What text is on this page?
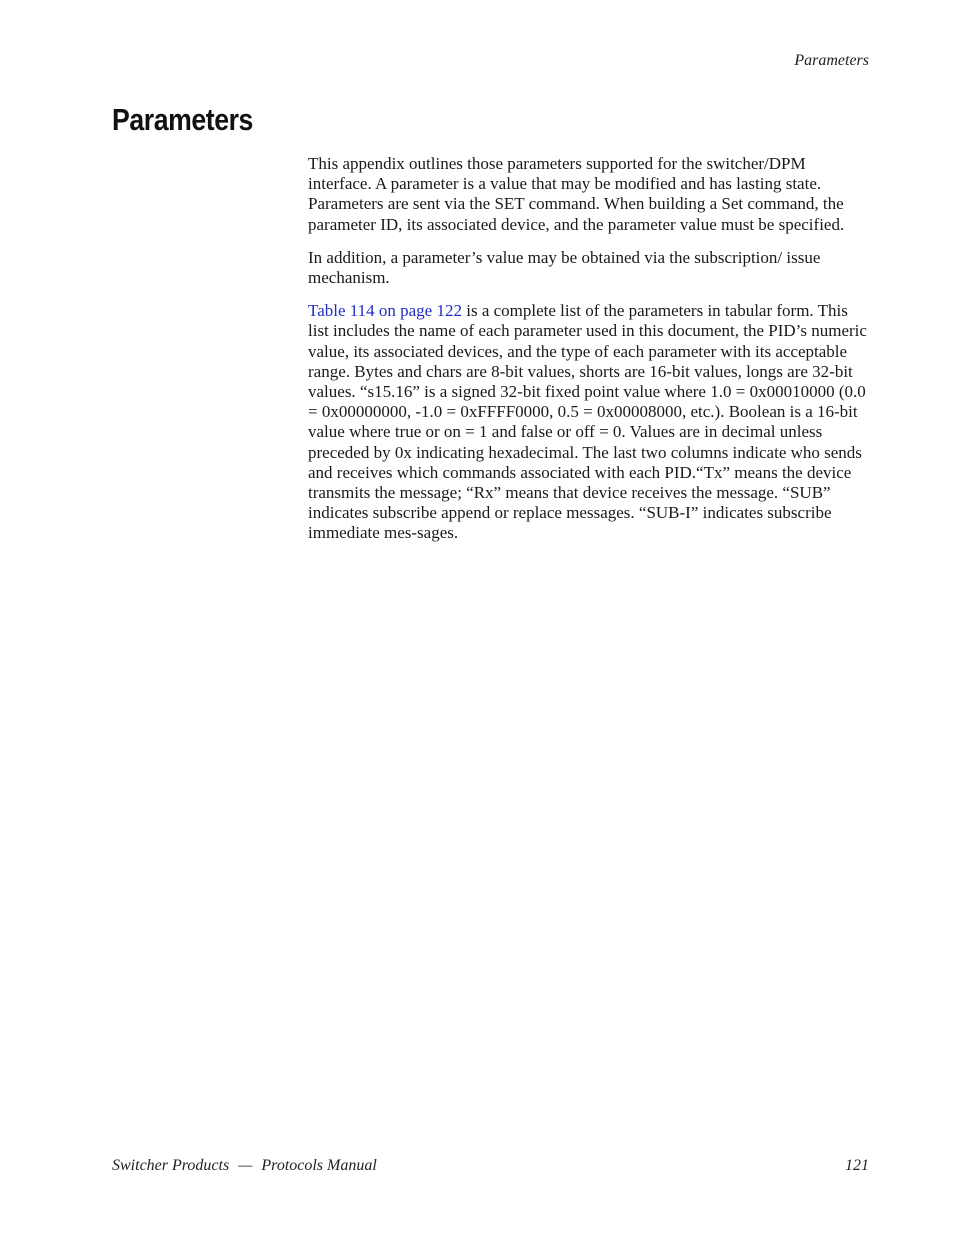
Parameters
Parameters

This appendix outlines those parameters supported for the switcher/DPM interface. A parameter is a value that may be modified and has lasting state. Parameters are sent via the SET command. When building a Set command, the parameter ID, its associated device, and the parameter value must be specified.

In addition, a parameter’s value may be obtained via the subscription/ issue mechanism.

Table 114 on page 122 is a complete list of the parameters in tabular form. This list includes the name of each parameter used in this document, the PID’s numeric value, its associated devices, and the type of each parameter with its acceptable range. Bytes and chars are 8-bit values, shorts are 16-bit values, longs are 32-bit values. “s15.16” is a signed 32-bit fixed point value where 1.0 = 0x00010000 (0.0 = 0x00000000, -1.0 = 0xFFFF0000, 0.5 = 0x00008000, etc.). Boolean is a 16-bit value where true or on = 1 and false or off = 0. Values are in decimal unless preceded by 0x indicating hexadecimal. The last two columns indicate who sends and receives which commands associated with each PID.“Tx” means the device transmits the message; “Rx” means that device receives the message. “SUB” indicates subscribe append or replace messages. “SUB-I” indicates subscribe immediate mes-sages.

Switcher Products — Protocols Manual	121
